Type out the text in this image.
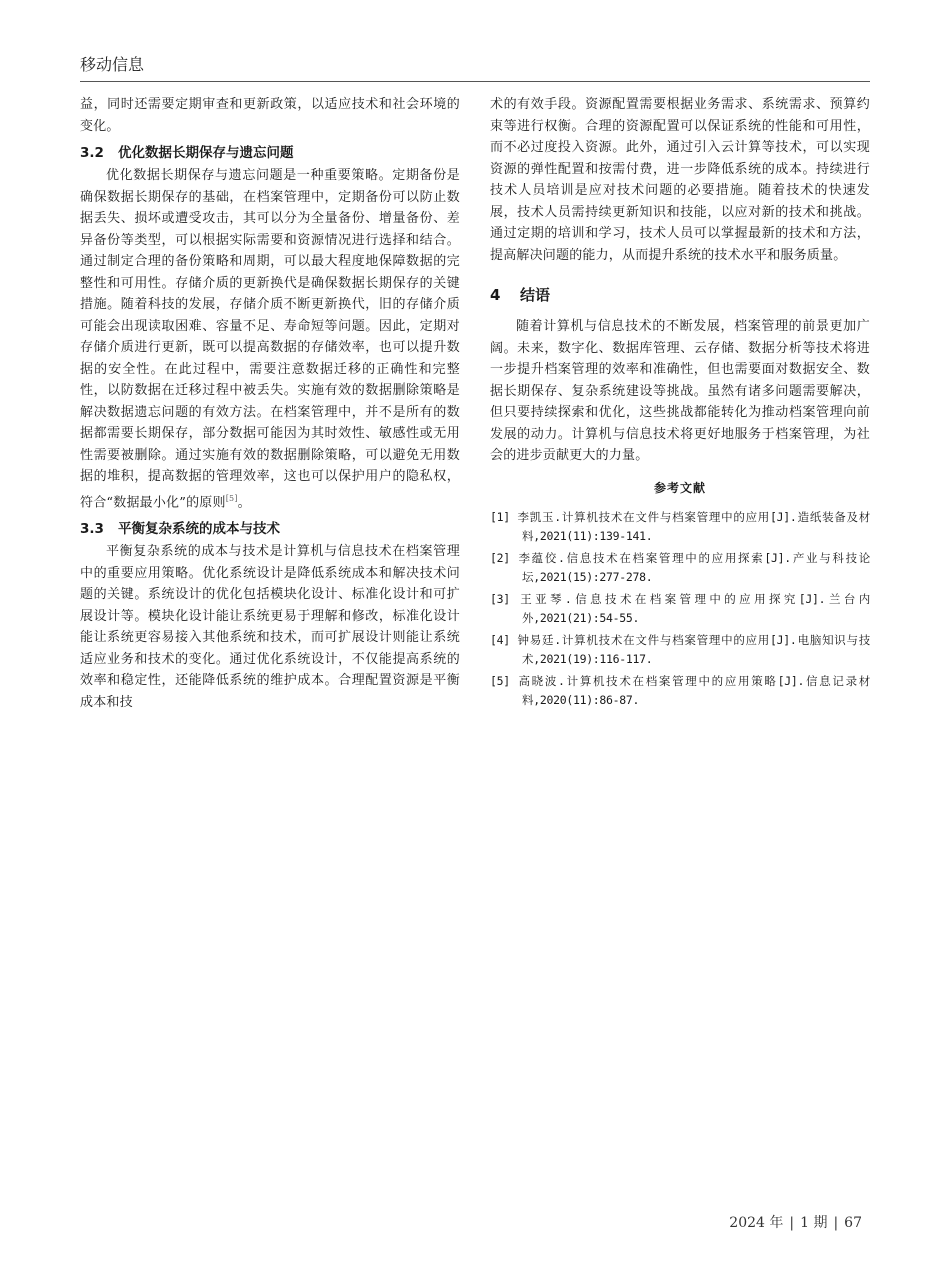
移动信息

益，同时还需要定期审查和更新政策，以适应技术和社会环境的变化。

3.2 优化数据长期保存与遗忘问题

优化数据长期保存与遗忘问题是一种重要策略。定期备份是确保数据长期保存的基础，在档案管理中，定期备份可以防止数据丢失、损坏或遭受攻击，其可以分为全量备份、增量备份、差异备份等类型，可以根据实际需要和资源情况进行选择和结合。通过制定合理的备份策略和周期，可以最大程度地保障数据的完整性和可用性。存储介质的更新换代是确保数据长期保存的关键措施。随着科技的发展，存储介质不断更新换代，旧的存储介质可能会出现读取困难、容量不足、寿命短等问题。因此，定期对存储介质进行更新，既可以提高数据的存储效率，也可以提升数据的安全性。在此过程中，需要注意数据迁移的正确性和完整性，以防数据在迁移过程中被丢失。实施有效的数据删除策略是解决数据遗忘问题的有效方法。在档案管理中，并不是所有的数据都需要长期保存，部分数据可能因为其时效性、敏感性或无用性需要被删除。通过实施有效的数据删除策略，可以避免无用数据的堆积，提高数据的管理效率，这也可以保护用户的隐私权，符合“数据最小化”的原则[5]。

3.3 平衡复杂系统的成本与技术

平衡复杂系统的成本与技术是计算机与信息技术在档案管理中的重要应用策略。优化系统设计是降低系统成本和解决技术问题的关键。系统设计的优化包括模块化设计、标准化设计和可扩展设计等。模块化设计能让系统更易于理解和修改，标准化设计能让系统更容易接入其他系统和技术，而可扩展设计则能让系统适应业务和技术的变化。通过优化系统设计，不仅能提高系统的效率和稳定性，还能降低系统的维护成本。合理配置资源是平衡成本和技

术的有效手段。资源配置需要根据业务需求、系统需求、预算约束等进行权衡。合理的资源配置可以保证系统的性能和可用性，而不必过度投入资源。此外，通过引入云计算等技术，可以实现资源的弹性配置和按需付费，进一步降低系统的成本。持续进行技术人员培训是应对技术问题的必要措施。随着技术的快速发展，技术人员需持续更新知识和技能，以应对新的技术和挑战。通过定期的培训和学习，技术人员可以掌握最新的技术和方法，提高解决问题的能力，从而提升系统的技术水平和服务质量。

4 结语

随着计算机与信息技术的不断发展，档案管理的前景更加广阔。未来，数字化、数据库管理、云存储、数据分析等技术将进一步提升档案管理的效率和准确性，但也需要面对数据安全、数据长期保存、复杂系统建设等挑战。虽然有诸多问题需要解决，但只要持续探索和优化，这些挑战都能转化为推动档案管理向前发展的动力。计算机与信息技术将更好地服务于档案管理，为社会的进步贡献更大的力量。

参考文献
[1] 李凯玉.计算机技术在文件与档案管理中的应用[J].造纸装备及材料,2021(11):139-141.
[2] 李蕴佼.信息技术在档案管理中的应用探索[J].产业与科技论坛,2021(15):277-278.
[3] 王亚琴.信息技术在档案管理中的应用探究[J].兰台内外,2021(21):54-55.
[4] 钟易廷.计算机技术在文件与档案管理中的应用[J].电脑知识与技术,2021(19):116-117.
[5] 高晓波.计算机技术在档案管理中的应用策略[J].信息记录材料,2020(11):86-87.
2024 年 | 1 期 | 67
